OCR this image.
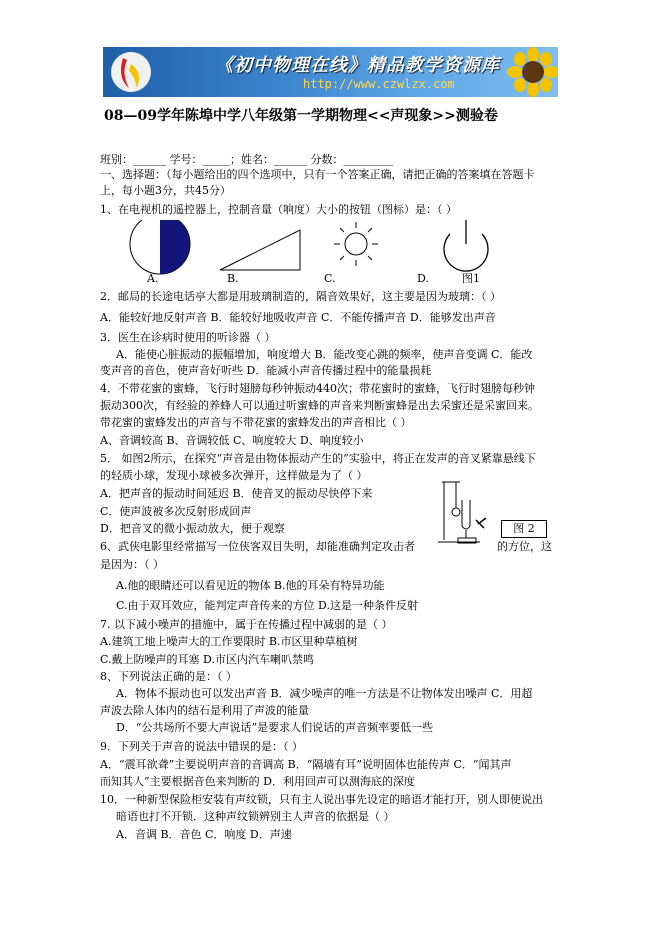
《初中物理在线》精品教学资源库
http://www.czwlzx.com
08—09学年陈埠中学八年级第一学期物理<<声现象>>测验卷
班别：______ 学号：_____；姓名：______ 分数：_________
一、选择题：（每小题给出的四个选项中，只有一个答案正确，请把正确的答案填在答题卡
上，每小题3分，共45分）
1、在电视机的遥控器上，控制音量（响度）大小的按钮（图标）是：（ ）
A.	B.	C.	D.	图1
2．邮局的长途电话亭大都是用玻璃制造的，隔音效果好，这主要是因为玻璃：（ ）
A．能较好地反射声音 B．能较好地吸收声音 C．不能传播声音 D．能够发出声音
3．医生在诊病时使用的听诊器（ ）
A．能使心脏振动的振幅增加，响度增大 B．能改变心跳的频率，使声音变调 C．能改
变声音的音色，使声音好听些 D．能减小声音传播过程中的能量损耗
4．不带花蜜的蜜蜂，飞行时翅膀每秒钟振动440次；带花蜜时的蜜蜂，飞行时翅膀每秒钟
振动300次，有经验的养蜂人可以通过听蜜蜂的声音来判断蜜蜂是出去采蜜还是采蜜回来。
带花蜜的蜜蜂发出的声音与不带花蜜的蜜蜂发出的声音相比（ ）
A、音调较高 B、音调较低 C、响度较大 D、响度较小
5． 如图2所示，在探究“声音是由物体振动产生的”实验中，将正在发声的音叉紧靠悬线下
的轻质小球，发现小球被多次弹开，这样做是为了（ ）
A．把声音的振动时间延迟 B．使音叉的振动尽快停下来
C．使声波被多次反射形成回声
D．把音叉的微小振动放大，便于观察	图 2
6、武侠电影里经常描写一位侠客双目失明，却能准确判定攻击者	的方位，这
是因为：（ ）
A.他的眼睛还可以看见近的物体 B.他的耳朵有特异功能
C.由于双耳效应，能判定声音传来的方位 D.这是一种条件反射
7. 以下减小噪声的措施中，属于在传播过程中减弱的是（ ）
A.建筑工地上噪声大的工作要限时 B.市区里种草植树
C.戴上防噪声的耳塞 D.市区内汽车喇叭禁鸣
8、下列说法正确的是：（ ）
A．物体不振动也可以发出声音 B．减少噪声的唯一方法是不让物体发出噪声 C．用超
声波去除人体内的结石是利用了声波的能量
D．“公共场所不要大声说话”是要求人们说话的声音频率要低一些
9．下列关于声音的说法中错误的是：（ ）
A．“震耳欲聋”主要说明声音的音调高 B．“隔墙有耳”说明固体也能传声 C．“闻其声
而知其人”主要根据音色来判断的 D．利用回声可以测海底的深度
10．一种新型保险柜安装有声纹锁，只有主人说出事先设定的暗语才能打开，别人即使说出
暗语也打不开锁．这种声纹锁辨别主人声音的依据是（ ）
A．音调 B．音色 C．响度 D．声速
